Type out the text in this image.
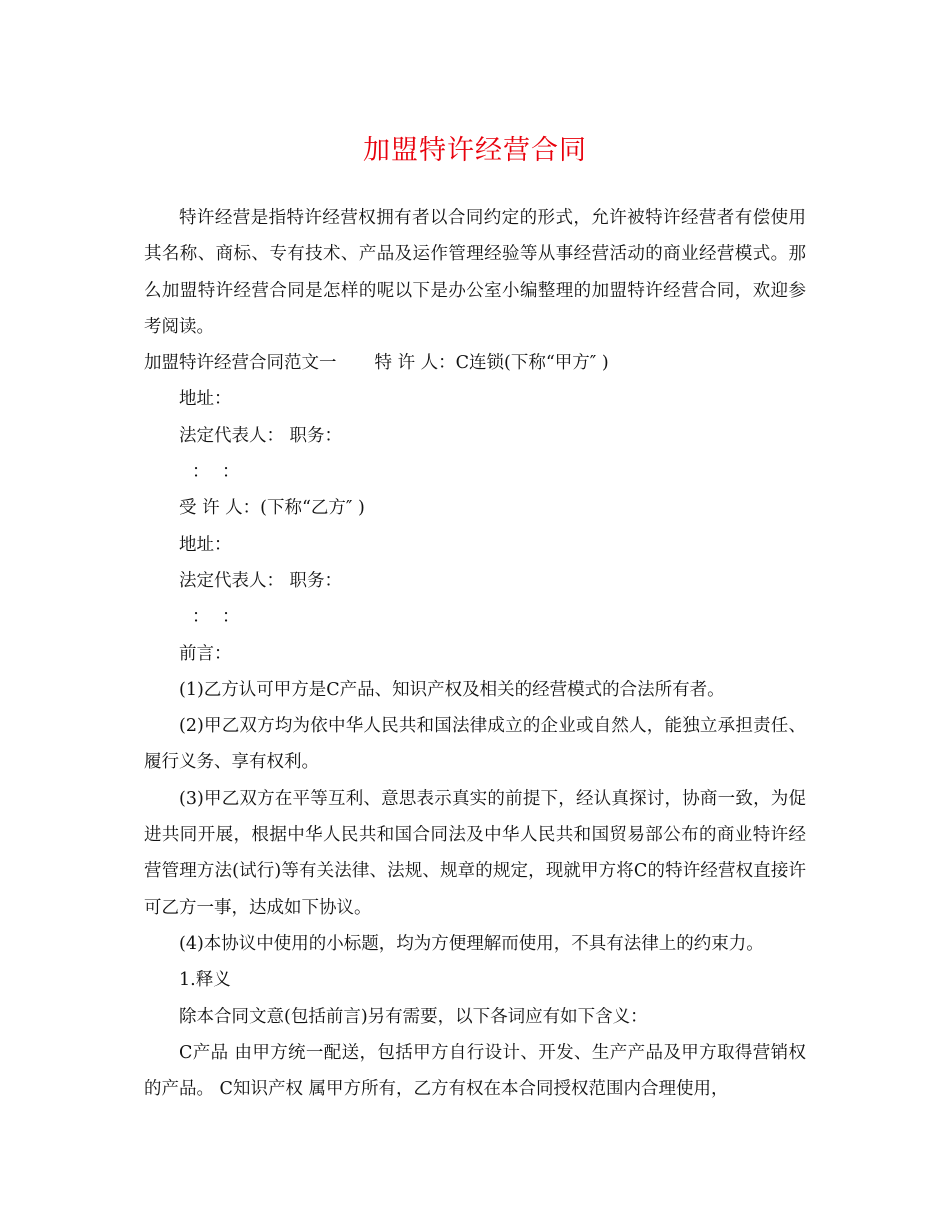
加盟特许经营合同

特许经营是指特许经营权拥有者以合同约定的形式，允许被特许经营者有偿使用其名称、商标、专有技术、产品及运作管理经验等从事经营活动的商业经营模式。那么加盟特许经营合同是怎样的呢以下是办公室小编整理的加盟特许经营合同，欢迎参考阅读。

加盟特许经营合同范文一 特 许 人：C连锁(下称“甲方″ )

地址：

法定代表人： 职务：

： ：

受 许 人：(下称“乙方″ )

地址：

法定代表人： 职务：

： ：

前言：

(1)乙方认可甲方是C产品、知识产权及相关的经营模式的合法所有者。

(2)甲乙双方均为依中华人民共和国法律成立的企业或自然人，能独立承担责任、履行义务、享有权利。

(3)甲乙双方在平等互利、意思表示真实的前提下，经认真探讨，协商一致，为促进共同开展，根据中华人民共和国合同法及中华人民共和国贸易部公布的商业特许经营管理方法(试行)等有关法律、法规、规章的规定，现就甲方将C的特许经营权直接许可乙方一事，达成如下协议。

(4)本协议中使用的小标题，均为方便理解而使用，不具有法律上的约束力。

1.释义

除本合同文意(包括前言)另有需要，以下各词应有如下含义：

C产品 由甲方统一配送，包括甲方自行设计、开发、生产产品及甲方取得营销权的产品。 C知识产权 属甲方所有，乙方有权在本合同授权范围内合理使用，
